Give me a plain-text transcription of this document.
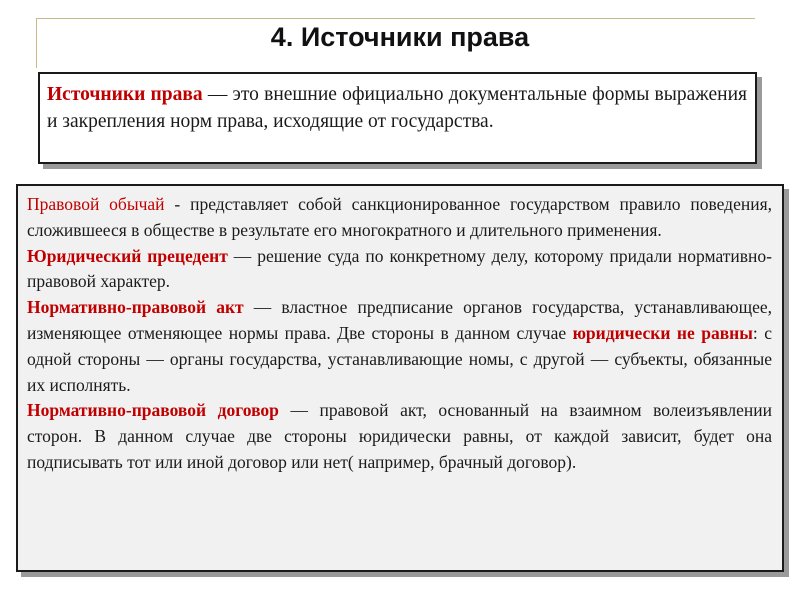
4. Источники права
Источники права — это внешние официально документальные формы выражения и закрепления норм права, исходящие от государства.

Правовой обычай - представляет собой санкционированное государством правило поведения, сложившееся в обществе в результате его многократного и длительного применения.

Юридический прецедент — решение суда по конкретному делу, которому придали нормативно-правовой характер.

Нормативно-правовой акт — властное предписание органов государства, устанавливающее, изменяющее отменяющее нормы права. Две стороны в данном случае юридически не равны: с одной стороны — органы государства, устанавливающие номы, с другой — субъекты, обязанные их исполнять.

Нормативно-правовой договор — правовой акт, основанный на взаимном волеизъявлении сторон. В данном случае две стороны юридически равны, от каждой зависит, будет она подписывать тот или иной договор или нет( например, брачный договор).
